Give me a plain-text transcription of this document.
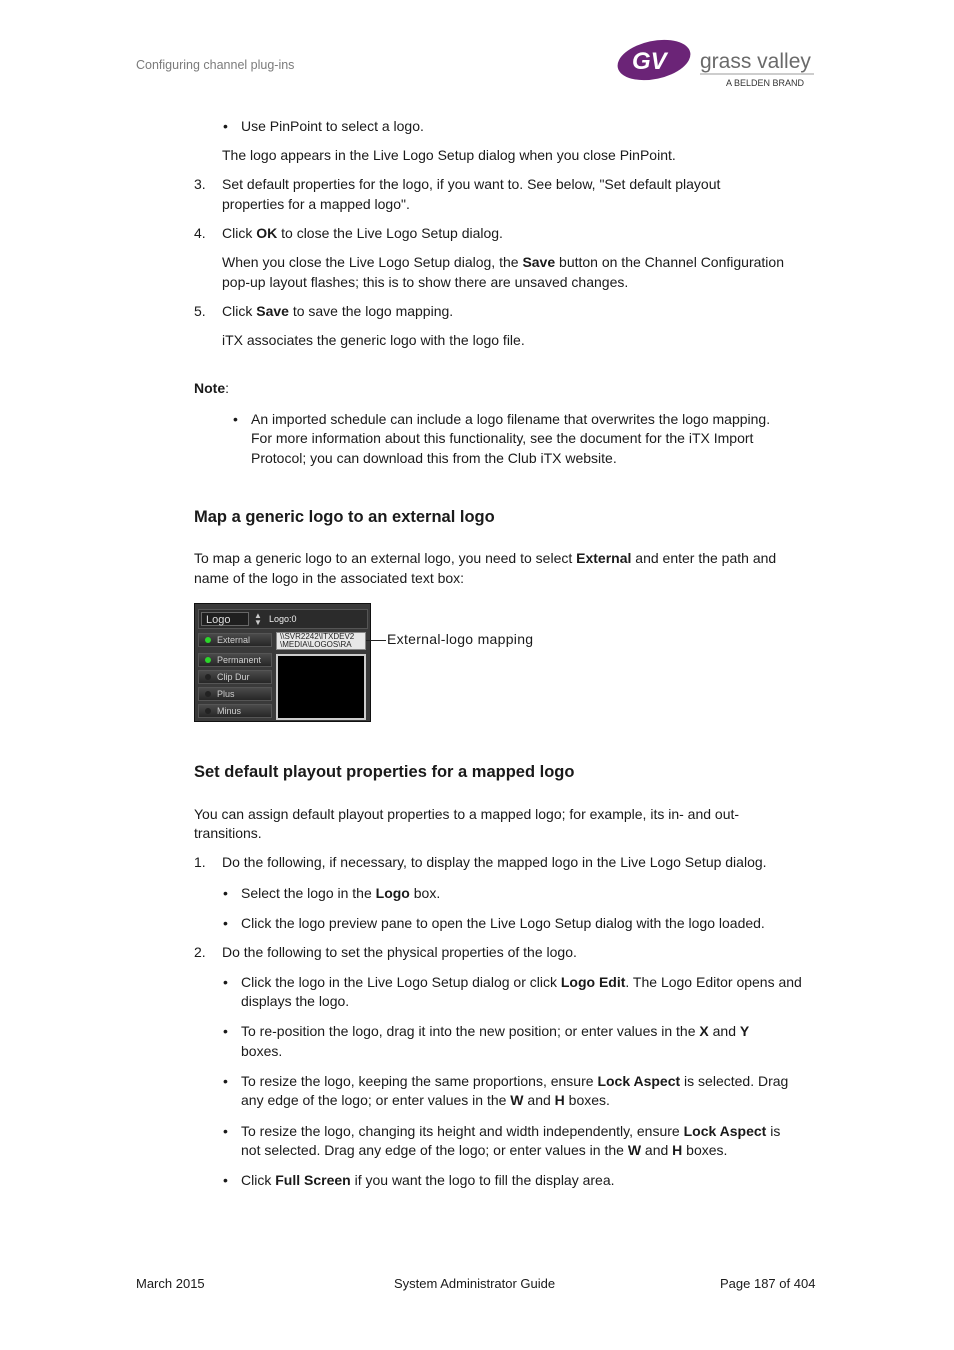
Configuring channel plug-ins	GV grass valley
A BELDEN BRAND
• Use PinPoint to select a logo.
The logo appears in the Live Logo Setup dialog when you close PinPoint.
3. Set default properties for the logo, if you want to. See below, "Set default playout
properties for a mapped logo".
4. Click OK to close the Live Logo Setup dialog.
When you close the Live Logo Setup dialog, the Save button on the Channel Configuration
pop-up layout flashes; this is to show there are unsaved changes.
5. Click Save to save the logo mapping.
iTX associates the generic logo with the logo file.
Note:
• An imported schedule can include a logo filename that overwrites the logo mapping.
For more information about this functionality, see the document for the iTX Import
Protocol; you can download this from the Club iTX website.
Map a generic logo to an external logo
To map a generic logo to an external logo, you need to select External and enter the path and
name of the logo in the associated text box:
Logo	▲
▼ Logo:0
External
Permanent
Clip Dur
Plus
Minus
\\SVR2242\ITXDEV2
\MEDIA\LOGOS\RA	External-logo mapping
Set default playout properties for a mapped logo
You can assign default playout properties to a mapped logo; for example, its in- and out-
transitions.
1. Do the following, if necessary, to display the mapped logo in the Live Logo Setup dialog.
• Select the logo in the Logo box.
• Click the logo preview pane to open the Live Logo Setup dialog with the logo loaded.
2. Do the following to set the physical properties of the logo.
• Click the logo in the Live Logo Setup dialog or click Logo Edit. The Logo Editor opens and
displays the logo.
• To re-position the logo, drag it into the new position; or enter values in the X and Y
boxes.
• To resize the logo, keeping the same proportions, ensure Lock Aspect is selected. Drag
any edge of the logo; or enter values in the W and H boxes.
• To resize the logo, changing its height and width independently, ensure Lock Aspect is
not selected. Drag any edge of the logo; or enter values in the W and H boxes.
• Click Full Screen if you want the logo to fill the display area.
March 2015	System Administrator Guide	Page 187 of 404
